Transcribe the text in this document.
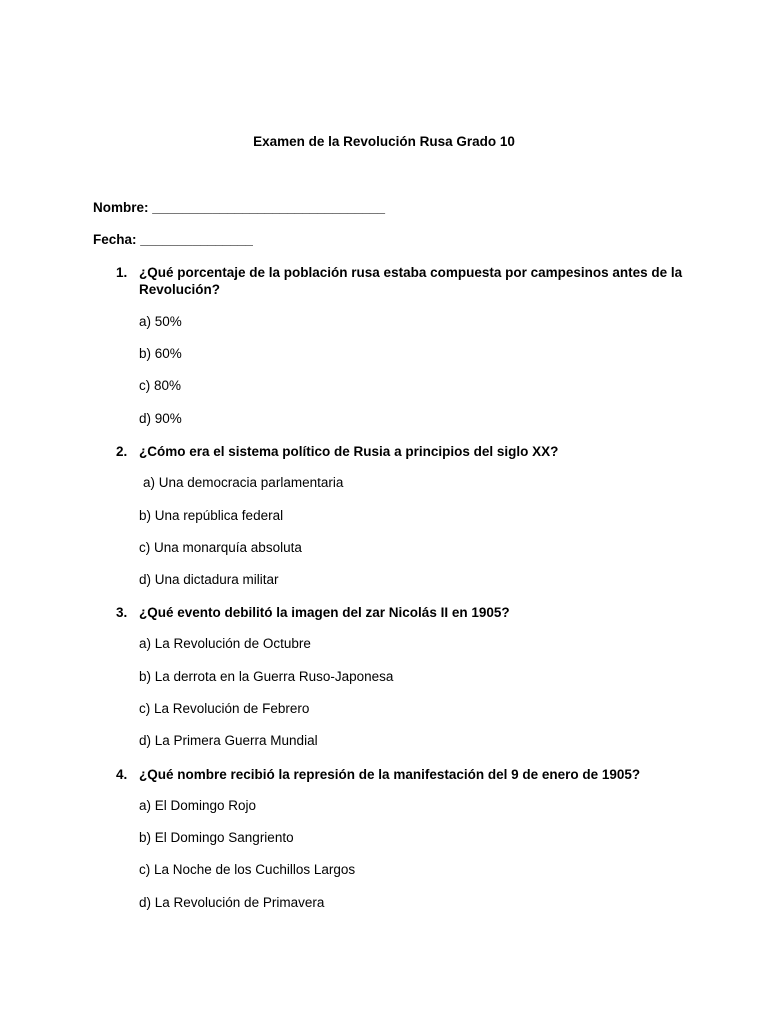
Examen de la Revolución Rusa Grado 10
Nombre: _______________________________
Fecha: _______________
1. ¿Qué porcentaje de la población rusa estaba compuesta por campesinos antes de la Revolución?
a) 50%
b) 60%
c) 80%
d) 90%
2. ¿Cómo era el sistema político de Rusia a principios del siglo XX?
a) Una democracia parlamentaria
b) Una república federal
c) Una monarquía absoluta
d) Una dictadura militar
3. ¿Qué evento debilitó la imagen del zar Nicolás II en 1905?
a) La Revolución de Octubre
b) La derrota en la Guerra Ruso-Japonesa
c) La Revolución de Febrero
d) La Primera Guerra Mundial
4. ¿Qué nombre recibió la represión de la manifestación del 9 de enero de 1905?
a) El Domingo Rojo
b) El Domingo Sangriento
c) La Noche de los Cuchillos Largos
d) La Revolución de Primavera
